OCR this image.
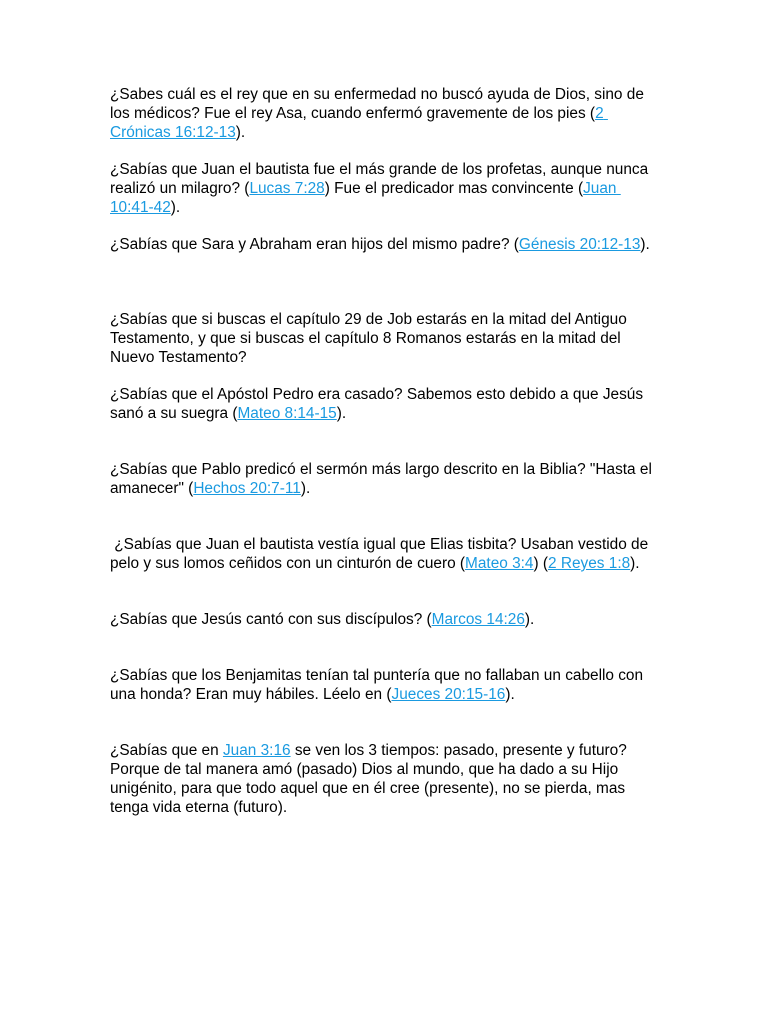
¿Sabes cuál es el rey que en su enfermedad no buscó ayuda de Dios, sino de los médicos? Fue el rey Asa, cuando enfermó gravemente de los pies (2 Crónicas 16:12-13).

¿Sabías que Juan el bautista fue el más grande de los profetas, aunque nunca realizó un milagro? (Lucas 7:28) Fue el predicador mas convincente (Juan 10:41-42).

¿Sabías que Sara y Abraham eran hijos del mismo padre? (Génesis 20:12-13).

¿Sabías que si buscas el capítulo 29 de Job estarás en la mitad del Antiguo Testamento, y que si buscas el capítulo 8 Romanos estarás en la mitad del Nuevo Testamento?

¿Sabías que el Apóstol Pedro era casado? Sabemos esto debido a que Jesús sanó a su suegra (Mateo 8:14-15).

¿Sabías que Pablo predicó el sermón más largo descrito en la Biblia? "Hasta el amanecer" (Hechos 20:7-11).

¿Sabías que Juan el bautista vestía igual que Elias tisbita? Usaban vestido de pelo y sus lomos ceñidos con un cinturón de cuero (Mateo 3:4) (2 Reyes 1:8).

¿Sabías que Jesús cantó con sus discípulos? (Marcos 14:26).

¿Sabías que los Benjamitas tenían tal puntería que no fallaban un cabello con una honda? Eran muy hábiles. Léelo en (Jueces 20:15-16).

¿Sabías que en Juan 3:16 se ven los 3 tiempos: pasado, presente y futuro? Porque de tal manera amó (pasado) Dios al mundo, que ha dado a su Hijo unigénito, para que todo aquel que en él cree (presente), no se pierda, mas tenga vida eterna (futuro).
